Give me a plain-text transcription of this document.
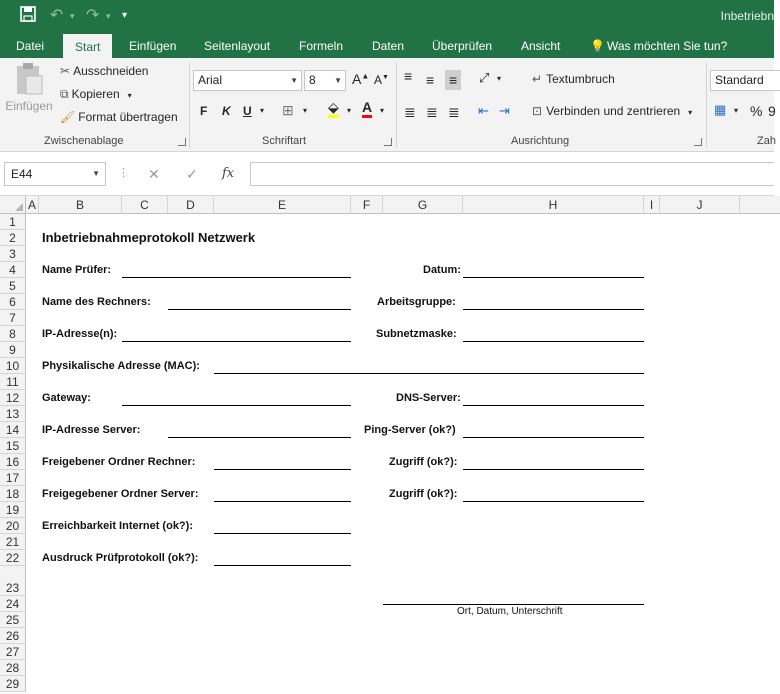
↶ ▾ ↷ ▾ ▾	Inbetriebn
Datei	Start	Einfügen Seitenlayout Formeln Daten Überprüfen Ansicht 💡 Was möchten Sie tun?
Einfügen
✂ Ausschneiden
⧉ Kopieren ▾
🖌 Format übertragen
Zwischenablage
Arial	▼ 8 ▼ A▲ A▼
F K U ▾ ⊞ ▾ ⬙ ▾ A ▾
Schriftart
≡ ≡ ≡	⤢ ▾
≣ ≣ ≣ ⇤ ⇥
↵ Textumbruch
⊡ Verbinden und zentrieren ▾
Ausrichtung
Standard
▦ ▾ % 9
Zah
E44	▼ ⋮ ✕ ✓ fx
A	B	C	D	E	F	G	H	I	J
1
2
3
4
5
6
7
8
9
10
11
12
13
14
15
16
17
18
19
20
21
22
23
24
25
26
27
28
29
Inbetriebnahmeprotokoll Netzwerk
Name Prüfer:	Datum:
Name des Rechners:	Arbeitsgruppe:
IP-Adresse(n):	Subnetzmaske:
Physikalische Adresse (MAC):
Gateway:	DNS-Server:
IP-Adresse Server:	Ping-Server (ok?)
Freigebener Ordner Rechner:	Zugriff (ok?):
Freigegebener Ordner Server:	Zugriff (ok?):
Erreichbarkeit Internet (ok?):
Ausdruck Prüfprotokoll (ok?):
Ort, Datum, Unterschrift
